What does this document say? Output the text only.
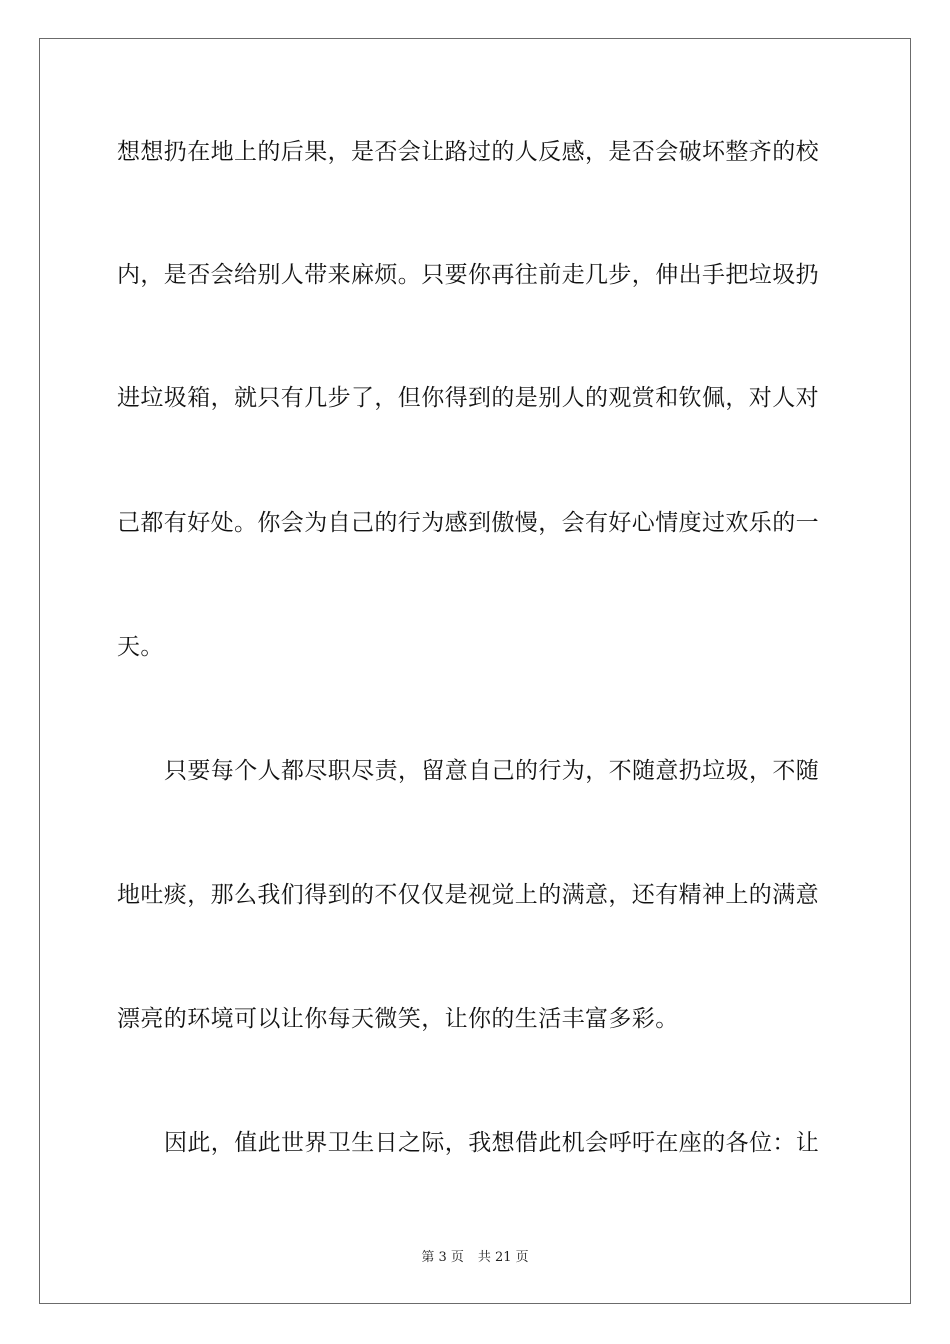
想想扔在地上的后果，是否会让路过的人反感，是否会破坏整齐的校
内，是否会给别人带来麻烦。只要你再往前走几步，伸出手把垃圾扔
进垃圾箱，就只有几步了，但你得到的是别人的观赏和钦佩，对人对
己都有好处。你会为自己的行为感到傲慢，会有好心情度过欢乐的一
天。
只要每个人都尽职尽责，留意自己的行为，不随意扔垃圾，不随
地吐痰，那么我们得到的不仅仅是视觉上的满意，还有精神上的满意
漂亮的环境可以让你每天微笑，让你的生活丰富多彩。
因此，值此世界卫生日之际，我想借此机会呼吁在座的各位：让
第 3 页 共 21 页
